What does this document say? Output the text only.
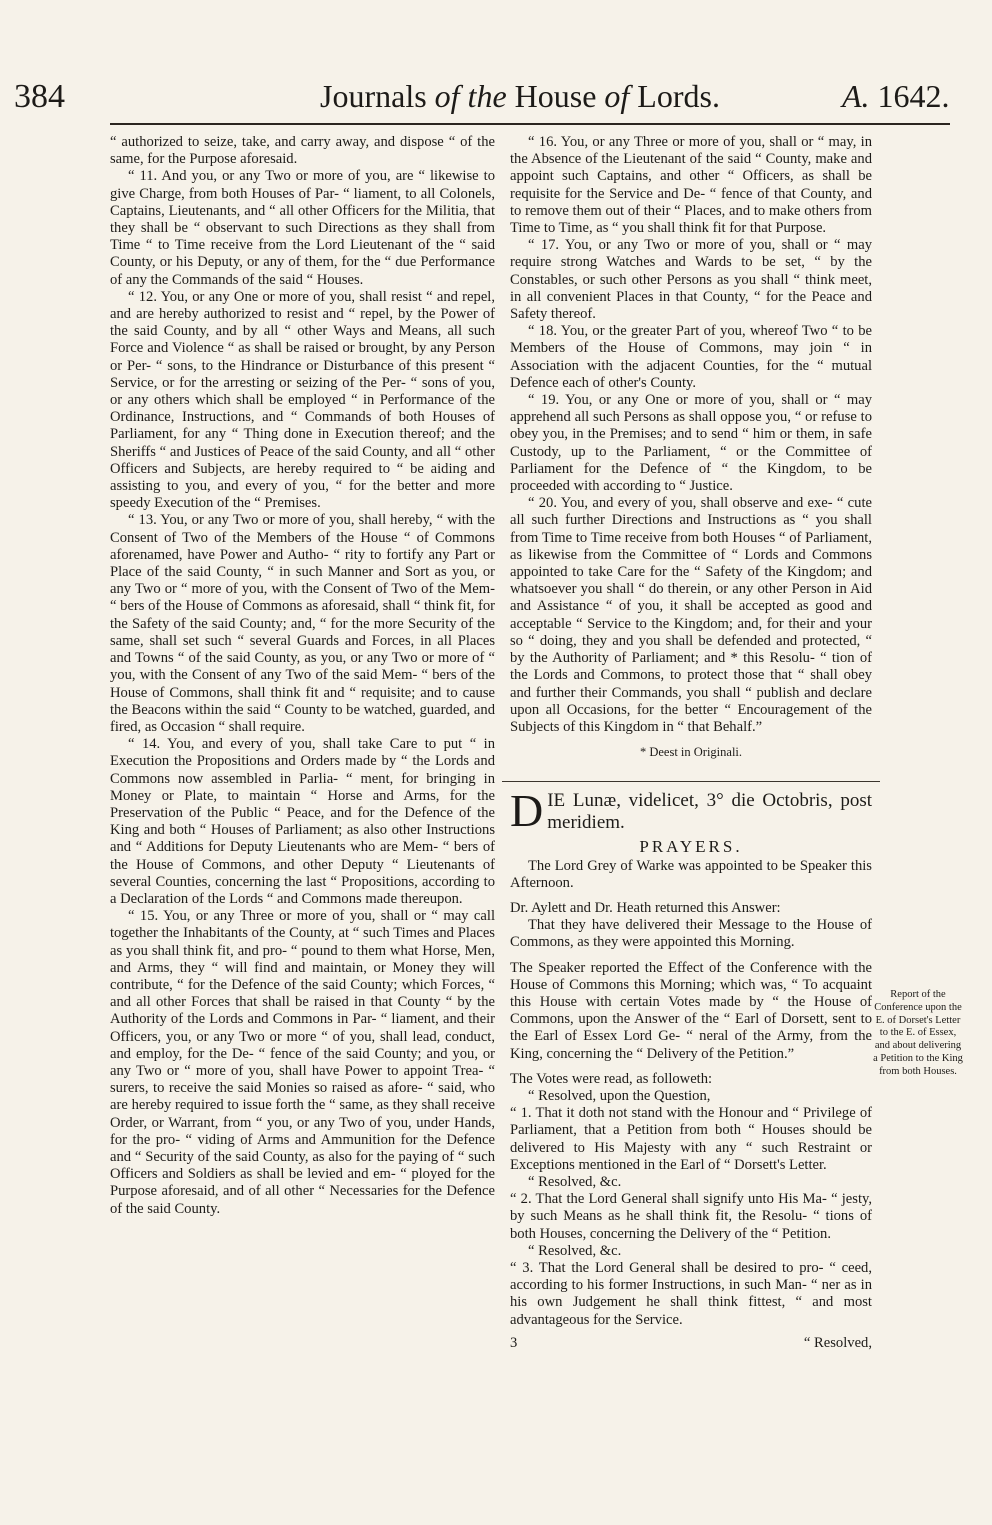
384	Journals of the House of Lords.	A. 1642.

“ authorized to seize, take, and carry away, and dispose “ of the same, for the Purpose aforesaid.

“ 11. And you, or any Two or more of you, are “ likewise to give Charge, from both Houses of Par- “ liament, to all Colonels, Captains, Lieutenants, and “ all other Officers for the Militia, that they shall be “ observant to such Directions as they shall from Time “ to Time receive from the Lord Lieutenant of the “ said County, or his Deputy, or any of them, for the “ due Performance of any the Commands of the said “ Houses.

“ 12. You, or any One or more of you, shall resist “ and repel, and are hereby authorized to resist and “ repel, by the Power of the said County, and by all “ other Ways and Means, all such Force and Violence “ as shall be raised or brought, by any Person or Per- “ sons, to the Hindrance or Disturbance of this present “ Service, or for the arresting or seizing of the Per- “ sons of you, or any others which shall be employed “ in Performance of the Ordinance, Instructions, and “ Commands of both Houses of Parliament, for any “ Thing done in Execution thereof; and the Sheriffs “ and Justices of Peace of the said County, and all “ other Officers and Subjects, are hereby required to “ be aiding and assisting to you, and every of you, “ for the better and more speedy Execution of the “ Premises.

“ 13. You, or any Two or more of you, shall hereby, “ with the Consent of Two of the Members of the House “ of Commons aforenamed, have Power and Autho- “ rity to fortify any Part or Place of the said County, “ in such Manner and Sort as you, or any Two or “ more of you, with the Consent of Two of the Mem- “ bers of the House of Commons as aforesaid, shall “ think fit, for the Safety of the said County; and, “ for the more Security of the same, shall set such “ several Guards and Forces, in all Places and Towns “ of the said County, as you, or any Two or more of “ you, with the Consent of any Two of the said Mem- “ bers of the House of Commons, shall think fit and “ requisite; and to cause the Beacons within the said “ County to be watched, guarded, and fired, as Occasion “ shall require.

“ 14. You, and every of you, shall take Care to put “ in Execution the Propositions and Orders made by “ the Lords and Commons now assembled in Parlia- “ ment, for bringing in Money or Plate, to maintain “ Horse and Arms, for the Preservation of the Public “ Peace, and for the Defence of the King and both “ Houses of Parliament; as also other Instructions and “ Additions for Deputy Lieutenants who are Mem- “ bers of the House of Commons, and other Deputy “ Lieutenants of several Counties, concerning the last “ Propositions, according to a Declaration of the Lords “ and Commons made thereupon.

“ 15. You, or any Three or more of you, shall or “ may call together the Inhabitants of the County, at “ such Times and Places as you shall think fit, and pro- “ pound to them what Horse, Men, and Arms, they “ will find and maintain, or Money they will contribute, “ for the Defence of the said County; which Forces, “ and all other Forces that shall be raised in that County “ by the Authority of the Lords and Commons in Par- “ liament, and their Officers, you, or any Two or more “ of you, shall lead, conduct, and employ, for the De- “ fence of the said County; and you, or any Two or “ more of you, shall have Power to appoint Trea- “ surers, to receive the said Monies so raised as afore- “ said, who are hereby required to issue forth the “ same, as they shall receive Order, or Warrant, from “ you, or any Two of you, under Hands, for the pro- “ viding of Arms and Ammunition for the Defence and “ Security of the said County, as also for the paying of “ such Officers and Soldiers as shall be levied and em- “ ployed for the Purpose aforesaid, and of all other “ Necessaries for the Defence of the said County.

“ 16. You, or any Three or more of you, shall or “ may, in the Absence of the Lieutenant of the said “ County, make and appoint such Captains, and other “ Officers, as shall be requisite for the Service and De- “ fence of that County, and to remove them out of their “ Places, and to make others from Time to Time, as “ you shall think fit for that Purpose.

“ 17. You, or any Two or more of you, shall or “ may require strong Watches and Wards to be set, “ by the Constables, or such other Persons as you shall “ think meet, in all convenient Places in that County, “ for the Peace and Safety thereof.

“ 18. You, or the greater Part of you, whereof Two “ to be Members of the House of Commons, may join “ in Association with the adjacent Counties, for the “ mutual Defence each of other's County.

“ 19. You, or any One or more of you, shall or “ may apprehend all such Persons as shall oppose you, “ or refuse to obey you, in the Premises; and to send “ him or them, in safe Custody, up to the Parliament, “ or the Committee of Parliament for the Defence of “ the Kingdom, to be proceeded with according to “ Justice.

“ 20. You, and every of you, shall observe and exe- “ cute all such further Directions and Instructions as “ you shall from Time to Time receive from both Houses “ of Parliament, as likewise from the Committee of “ Lords and Commons appointed to take Care for the “ Safety of the Kingdom; and whatsoever you shall “ do therein, or any other Person in Aid and Assistance “ of you, it shall be accepted as good and acceptable “ Service to the Kingdom; and, for their and your so “ doing, they and you shall be defended and protected, “ by the Authority of Parliament; and * this Resolu- “ tion of the Lords and Commons, to protect those that “ shall obey and further their Commands, you shall “ publish and declare upon all Occasions, for the better “ Encouragement of the Subjects of this Kingdom in “ that Behalf.”

* Deest in Originali.
D IE Lunæ, videlicet, 3° die Octobris, post meridiem.
PRAYERS.

The Lord Grey of Warke was appointed to be Speaker this Afternoon.

Dr. Aylett and Dr. Heath returned this Answer:

That they have delivered their Message to the House of Commons, as they were appointed this Morning.

The Speaker reported the Effect of the Conference with the House of Commons this Morning; which was, “ To acquaint this House with certain Votes made by “ the House of Commons, upon the Answer of the “ Earl of Dorsett, sent to the Earl of Essex Lord Ge- “ neral of the Army, from the King, concerning the “ Delivery of the Petition.”

The Votes were read, as followeth:

“ Resolved, upon the Question,

“ 1. That it doth not stand with the Honour and “ Privilege of Parliament, that a Petition from both “ Houses should be delivered to His Majesty with any “ such Restraint or Exceptions mentioned in the Earl of “ Dorsett's Letter.

“ Resolved, &c.

“ 2. That the Lord General shall signify unto His Ma- “ jesty, by such Means as he shall think fit, the Resolu- “ tions of both Houses, concerning the Delivery of the “ Petition.

“ Resolved, &c.

“ 3. That the Lord General shall be desired to pro- “ ceed, according to his former Instructions, in such Man- “ ner as in his own Judgement he shall think fittest, “ and most advantageous for the Service.

3	“ Resolved,
Report of the Conference upon the E. of Dorset's Letter to the E. of Essex, and about delivering a Petition to the King from both Houses.
